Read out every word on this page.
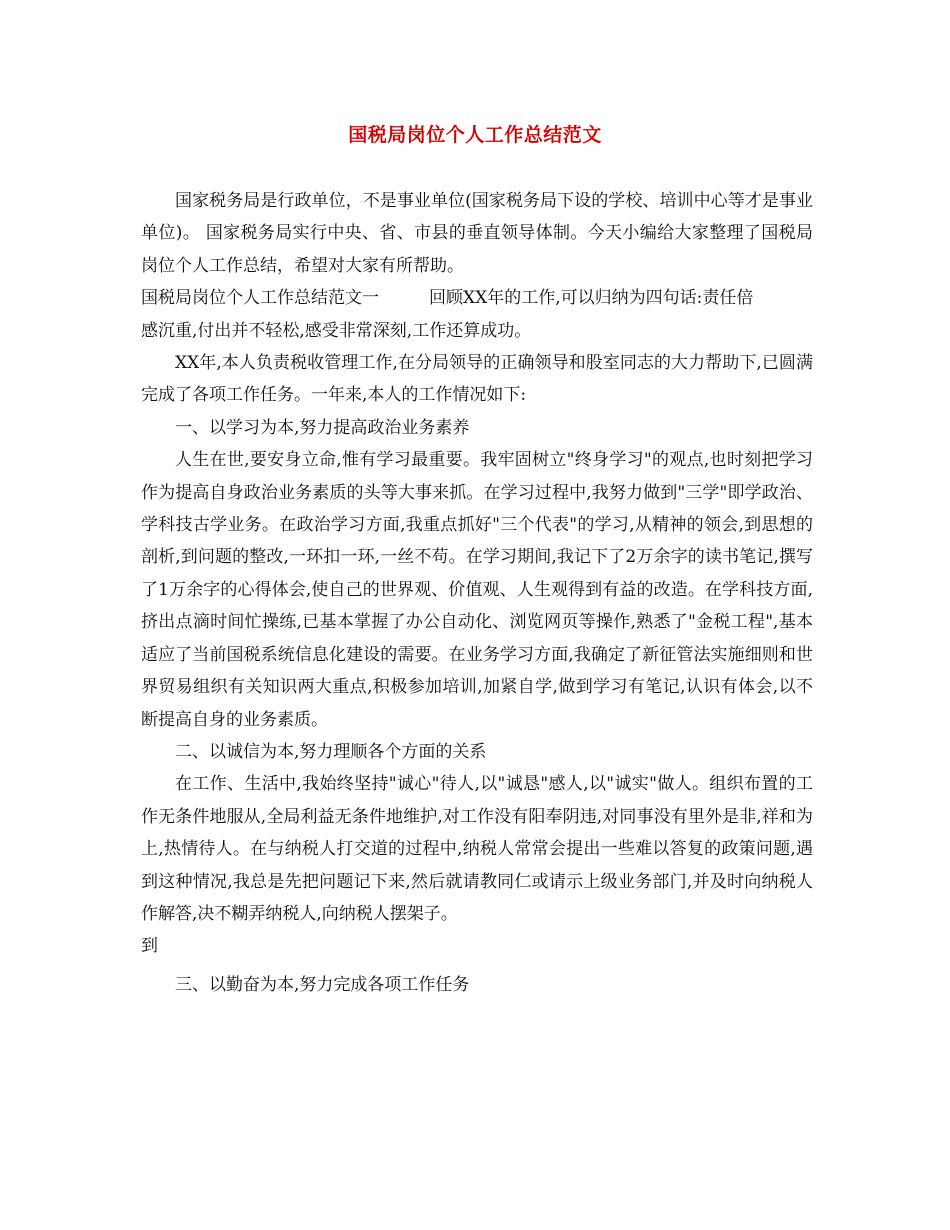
国税局岗位个人工作总结范文

国家税务局是行政单位，不是事业单位(国家税务局下设的学校、培训中心等才是事业单位)。 国家税务局实行中央、省、市县的垂直领导体制。今天小编给大家整理了国税局岗位个人工作总结，希望对大家有所帮助。

国税局岗位个人工作总结范文一	回顾XX年的工作,可以归纳为四句话:责任倍

感沉重,付出并不轻松,感受非常深刻,工作还算成功。

XX年,本人负责税收管理工作,在分局领导的正确领导和股室同志的大力帮助下,已圆满完成了各项工作任务。一年来,本人的工作情况如下:

一、以学习为本,努力提高政治业务素养

人生在世,要安身立命,惟有学习最重要。我牢固树立"终身学习"的观点,也时刻把学习作为提高自身政治业务素质的头等大事来抓。在学习过程中,我努力做到"三学"即学政治、学科技古学业务。在政治学习方面,我重点抓好"三个代表"的学习,从精神的领会,到思想的剖析,到问题的整改,一环扣一环,一丝不苟。在学习期间,我记下了2万余字的读书笔记,撰写了1万余字的心得体会,使自己的世界观、价值观、人生观得到有益的改造。在学科技方面,挤出点滴时间忙操练,已基本掌握了办公自动化、浏览网页等操作,熟悉了"金税工程",基本适应了当前国税系统信息化建设的需要。在业务学习方面,我确定了新征管法实施细则和世界贸易组织有关知识两大重点,积极参加培训,加紧自学,做到学习有笔记,认识有体会,以不断提高自身的业务素质。

二、以诚信为本,努力理顺各个方面的关系

在工作、生活中,我始终坚持"诚心"待人,以"诚恳"感人,以"诚实"做人。组织布置的工作无条件地服从,全局利益无条件地维护,对工作没有阳奉阴违,对同事没有里外是非,祥和为上,热情待人。在与纳税人打交道的过程中,纳税人常常会提出一些难以答复的政策问题,遇到这种情况,我总是先把问题记下来,然后就请教同仁或请示上级业务部门,并及时向纳税人作解答,决不糊弄纳税人,向纳税人摆架子。

到

三、以勤奋为本,努力完成各项工作任务
